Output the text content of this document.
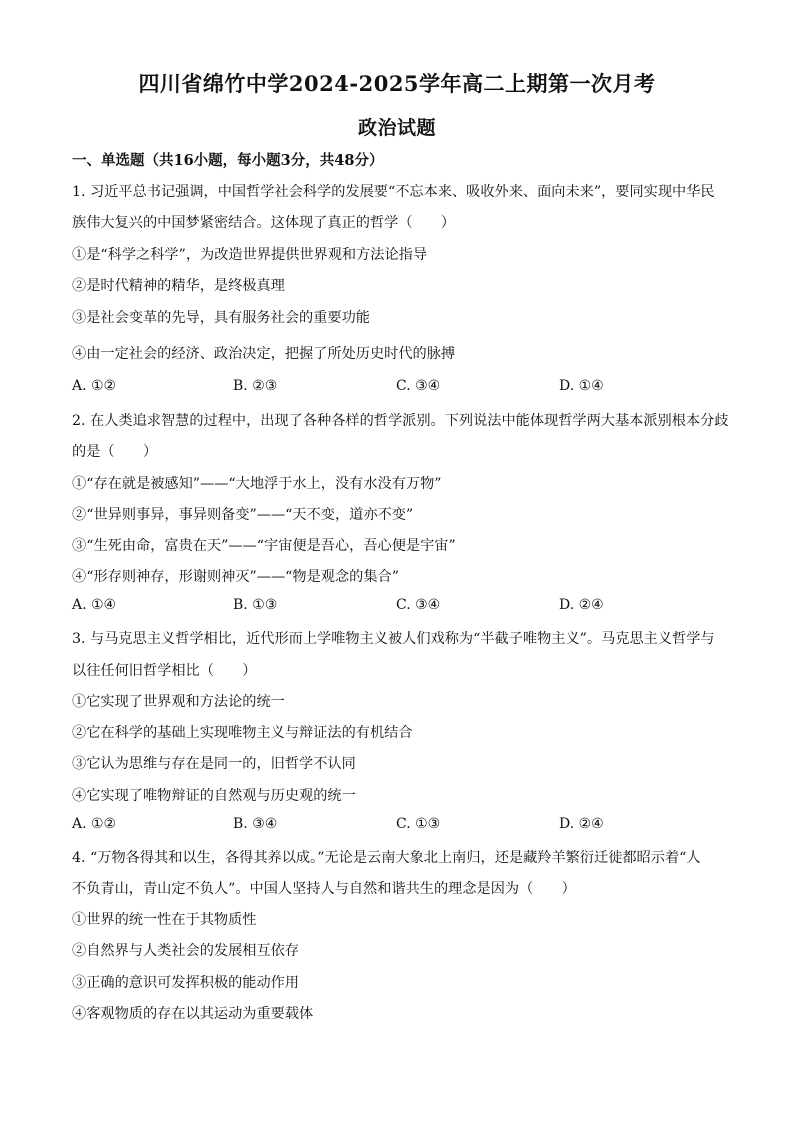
四川省绵竹中学2024-2025学年高二上期第一次月考
政治试题
一、单选题（共16小题，每小题3分，共48分）
1. 习近平总书记强调，中国哲学社会科学的发展要“不忘本来、吸收外来、面向未来”，要同实现中华民
族伟大复兴的中国梦紧密结合。这体现了真正的哲学（　　）
①是“科学之科学”，为改造世界提供世界观和方法论指导
②是时代精神的精华，是终极真理
③是社会变革的先导，具有服务社会的重要功能
④由一定社会的经济、政治决定，把握了所处历史时代的脉搏
A. ①②	B. ②③	C. ③④	D. ①④
2. 在人类追求智慧的过程中，出现了各种各样的哲学派别。下列说法中能体现哲学两大基本派别根本分歧
的是（　　）
①“存在就是被感知”——“大地浮于水上，没有水没有万物”
②“世异则事异，事异则备变”——“天不变，道亦不变”
③“生死由命，富贵在天”——“宇宙便是吾心，吾心便是宇宙”
④“形存则神存，形谢则神灭”——“物是观念的集合”
A. ①④	B. ①③	C. ③④	D. ②④
3. 与马克思主义哲学相比，近代形而上学唯物主义被人们戏称为“半截子唯物主义”。马克思主义哲学与
以往任何旧哲学相比（　　）
①它实现了世界观和方法论的统一
②它在科学的基础上实现唯物主义与辩证法的有机结合
③它认为思维与存在是同一的，旧哲学不认同
④它实现了唯物辩证的自然观与历史观的统一
A. ①②	B. ③④	C. ①③	D. ②④
4. “万物各得其和以生，各得其养以成。”无论是云南大象北上南归，还是藏羚羊繁衍迁徙都昭示着“人
不负青山，青山定不负人”。中国人坚持人与自然和谐共生的理念是因为（　　）
①世界的统一性在于其物质性
②自然界与人类社会的发展相互依存
③正确的意识可发挥积极的能动作用
④客观物质的存在以其运动为重要载体
